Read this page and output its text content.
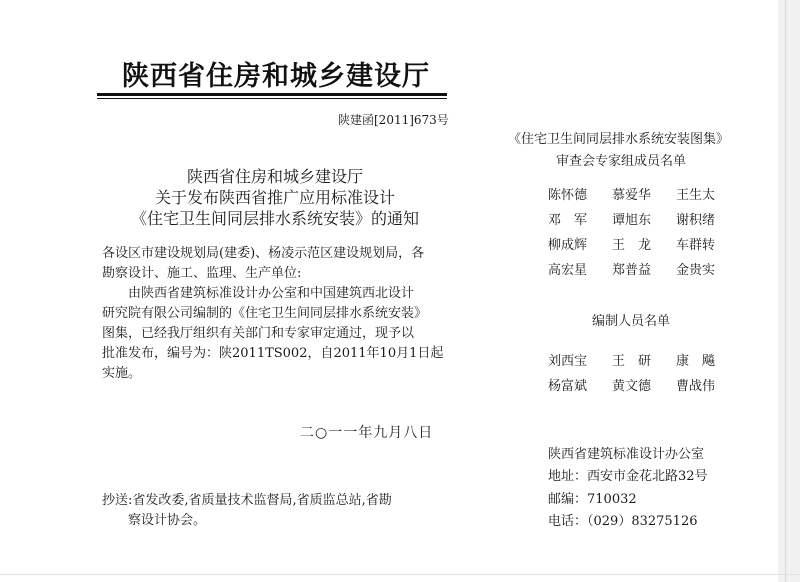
陕西省住房和城乡建设厅
陕建函[2011]673号
陕西省住房和城乡建设厅
关于发布陕西省推广应用标准设计
《住宅卫生间同层排水系统安装》的通知
各设区市建设规划局(建委)、杨凌示范区建设规划局，各
勘察设计、施工、监理、生产单位:
由陕西省建筑标准设计办公室和中国建筑西北设计
研究院有限公司编制的《住宅卫生间同层排水系统安装》
图集，已经我厅组织有关部门和专家审定通过，现予以
批准发布，编号为：陕2011TS002，自2011年10月1日起
实施。
二○一一年九月八日
抄送:省发改委,省质量技术监督局,省质监总站,省勘
察设计协会。
《住宅卫生间同层排水系统安装图集》
审查会专家组成员名单
陈怀德	慕爱华	王生太
邓　军	谭旭东	谢积绪
柳成辉	王　龙	车群转
高宏星	郑普益	金贵实
编制人员名单
刘西宝	王　研	康　飚
杨富斌	黄文德	曹战伟
陕西省建筑标准设计办公室
地址：西安市金花北路32号
邮编：710032
电话：（029）83275126
